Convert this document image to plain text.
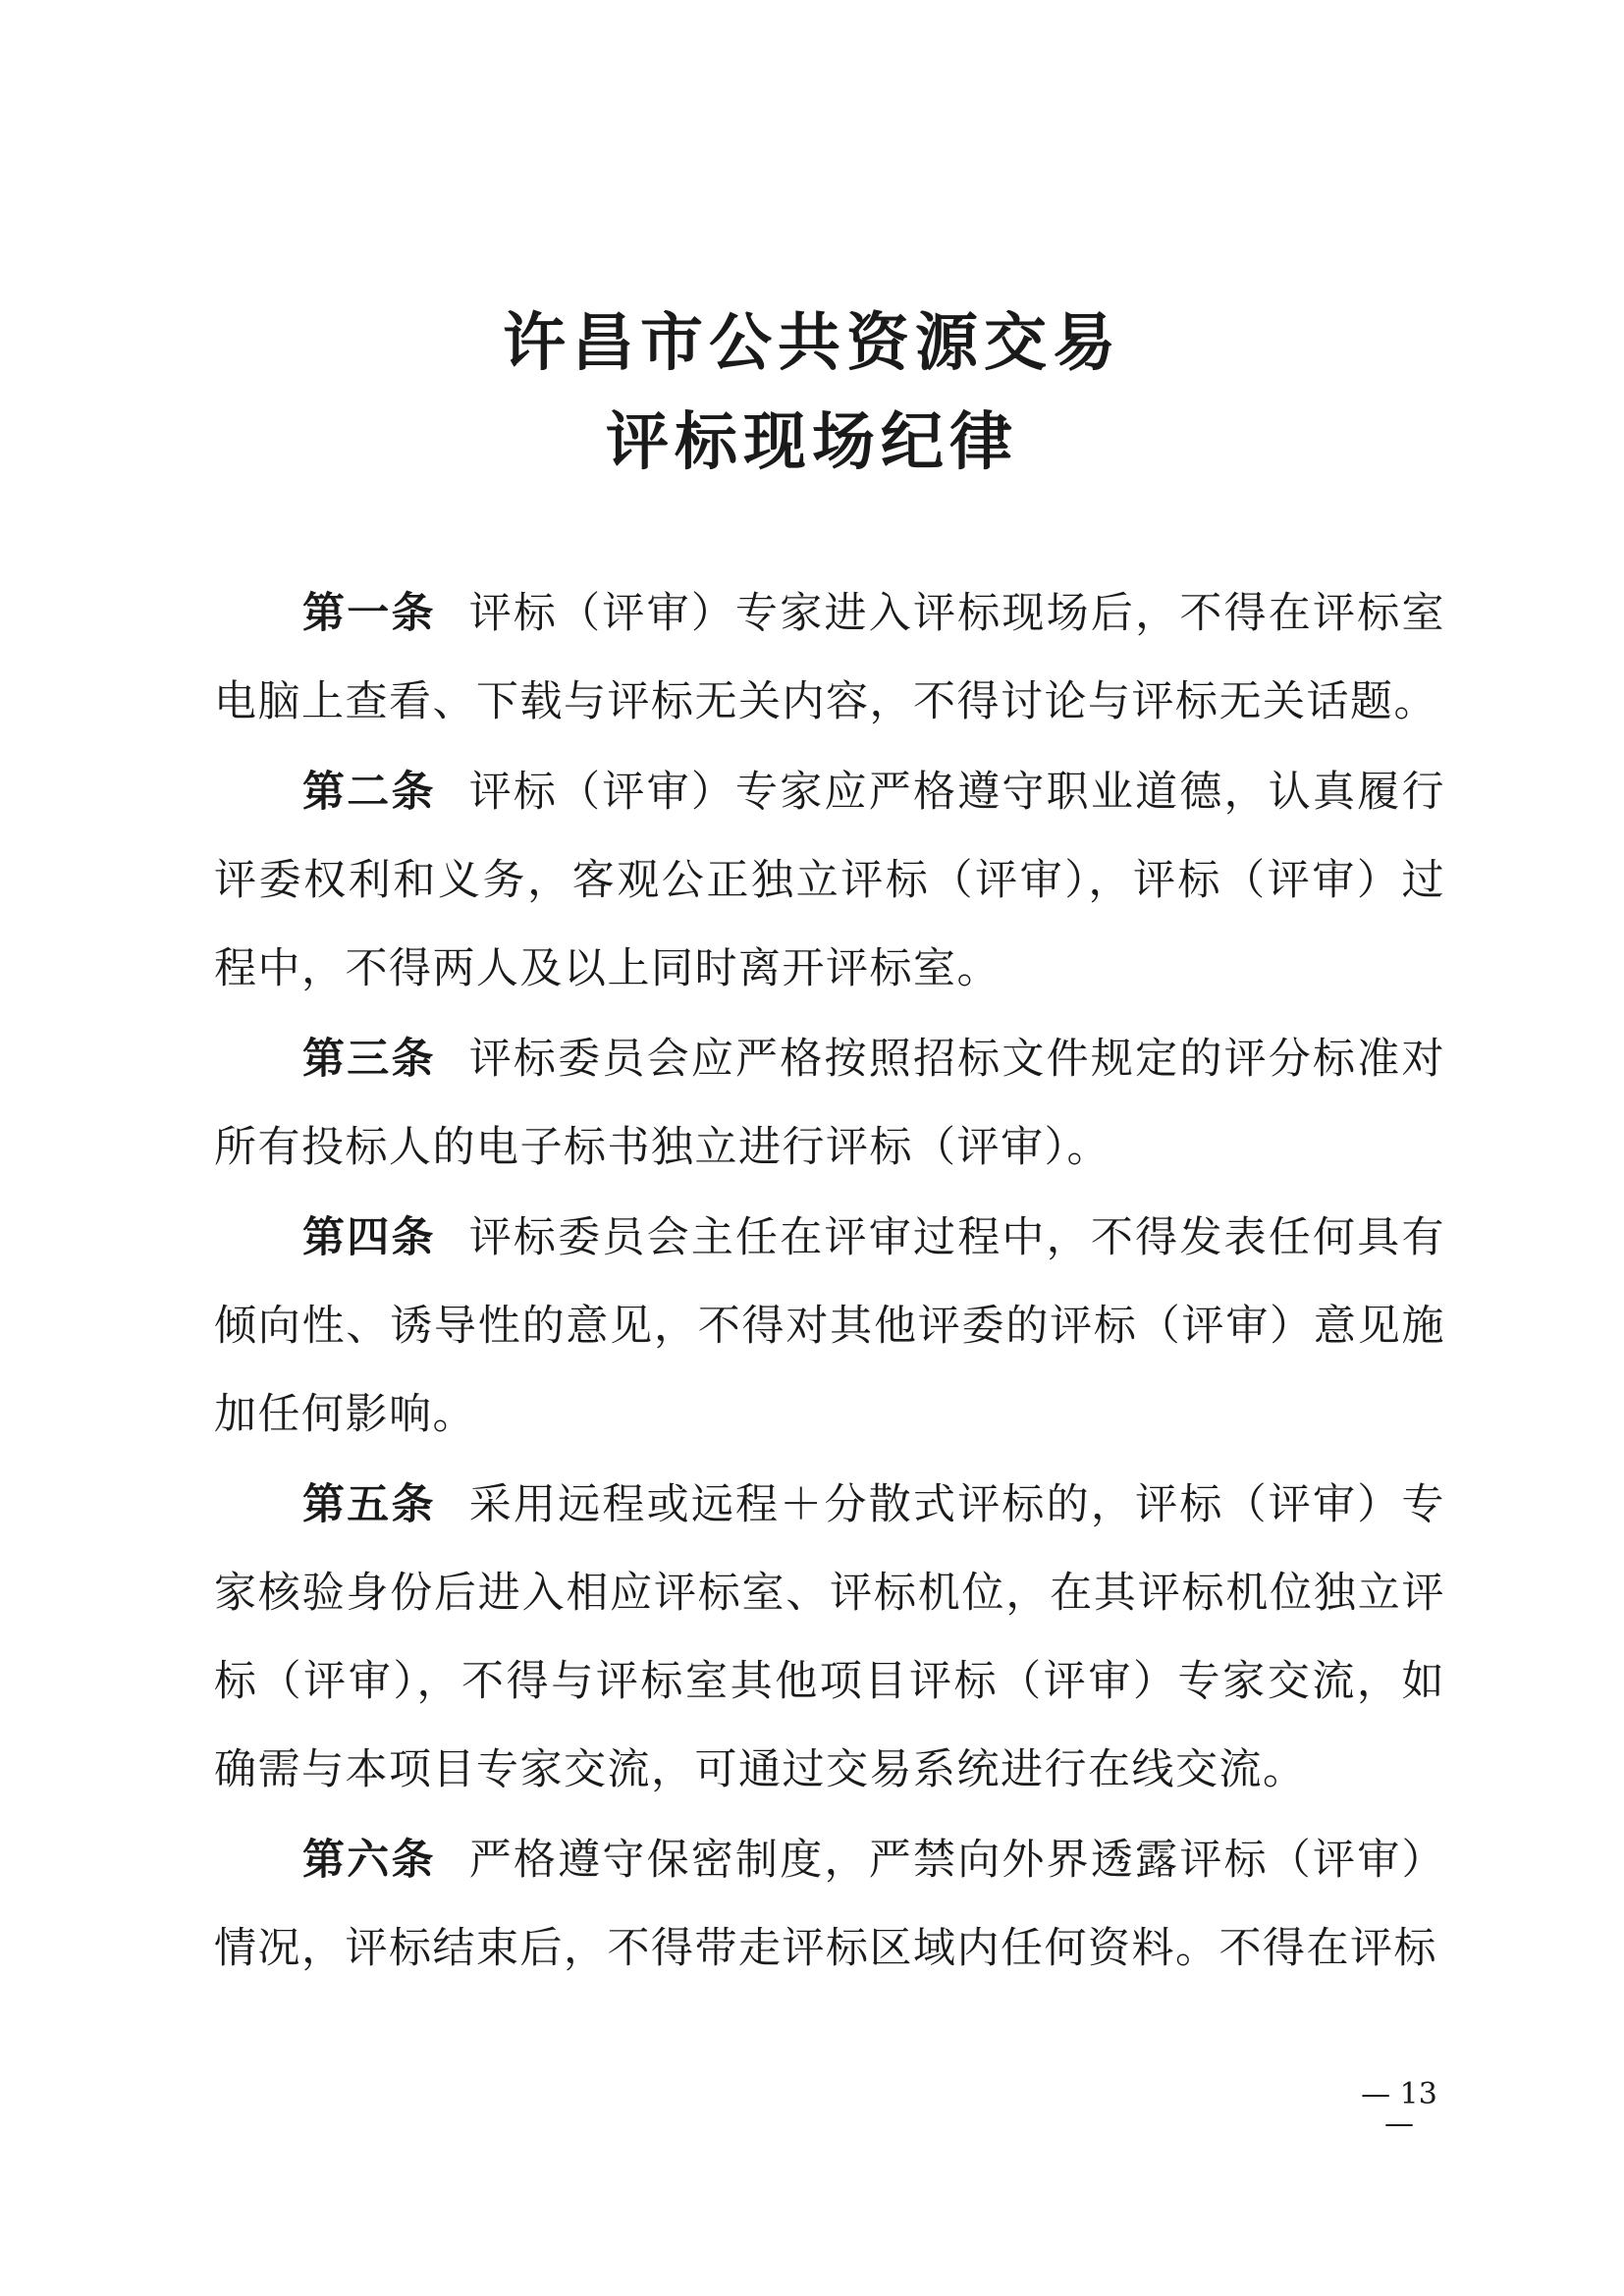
许昌市公共资源交易
评标现场纪律

第一条 评标（评审）专家进入评标现场后，不得在评标室电脑上查看、下载与评标无关内容，不得讨论与评标无关话题。

第二条 评标（评审）专家应严格遵守职业道德，认真履行评委权利和义务，客观公正独立评标（评审），评标（评审）过程中，不得两人及以上同时离开评标室。

第三条 评标委员会应严格按照招标文件规定的评分标准对所有投标人的电子标书独立进行评标（评审）。

第四条 评标委员会主任在评审过程中，不得发表任何具有倾向性、诱导性的意见，不得对其他评委的评标（评审）意见施加任何影响。

第五条 采用远程或远程＋分散式评标的，评标（评审）专家核验身份后进入相应评标室、评标机位，在其评标机位独立评标（评审），不得与评标室其他项目评标（评审）专家交流，如确需与本项目专家交流，可通过交易系统进行在线交流。

第六条 严格遵守保密制度，严禁向外界透露评标（评审）情况，评标结束后，不得带走评标区域内任何资料。不得在评标

— 13 —
